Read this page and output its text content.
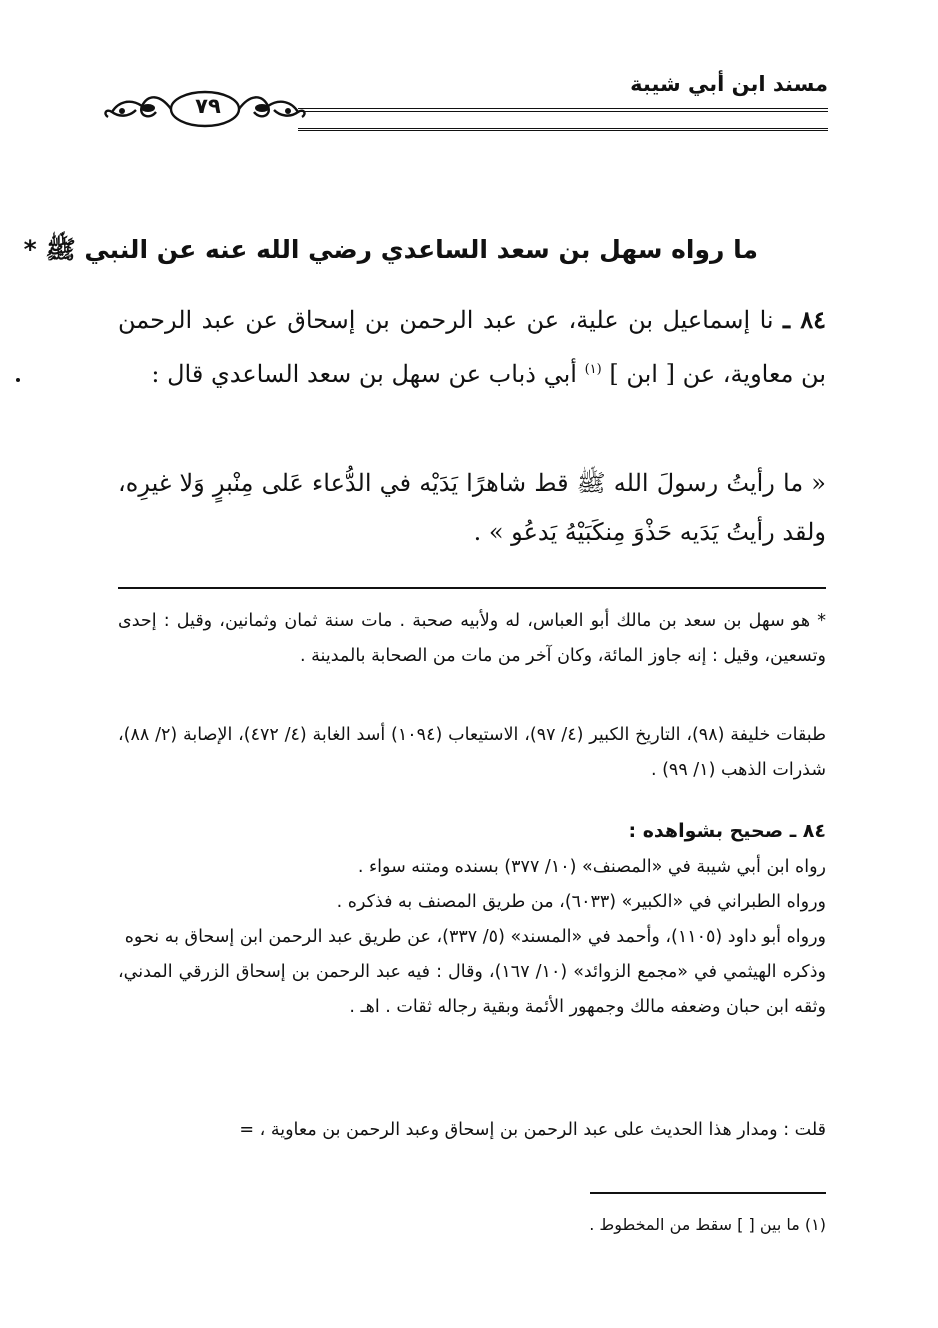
مسند ابن أبي شيبة
٧٩
ما رواه سهل بن سعد الساعدي رضي الله عنه عن النبي ﷺ *
٨٤ ـ نا إسماعيل بن علية، عن عبد الرحمن بن إسحاق عن عبد الرحمن بن معاوية، عن [ ابن ] $^{(١)}$ أبي ذباب عن سهل بن سعد الساعدي قال :
« ما رأيتُ رسولَ الله ﷺ قط شاهرًا يَدَيْه في الدُّعاء عَلى مِنْبرٍ وَلا غيرِه، ولقد رأيتُ يَدَيه حَذْوَ مِنكَبَيْهُ يَدعُو » .
* هو سهل بن سعد بن مالك أبو العباس، له ولأبيه صحبة . مات سنة ثمان وثمانين، وقيل : إحدى وتسعين، وقيل : إنه جاوز المائة، وكان آخر من مات من الصحابة بالمدينة .
طبقات خليفة (٩٨)، التاريخ الكبير (٤/ ٩٧)، الاستيعاب (١٠٩٤) أسد الغابة (٤/ ٤٧٢)، الإصابة (٢/ ٨٨)، شذرات الذهب (١/ ٩٩) .
٨٤ ـ صحيح بشواهده :
رواه ابن أبي شيبة في «المصنف» (١٠/ ٣٧٧) بسنده ومتنه سواء .
ورواه الطبراني في «الكبير» (٦٠٣٣)، من طريق المصنف به فذكره .
ورواه أبو داود (١١٠٥)، وأحمد في «المسند» (٥/ ٣٣٧)، عن طريق عبد الرحمن ابن إسحاق به نحوه
وذكره الهيثمي في «مجمع الزوائد» (١٠/ ١٦٧)، وقال : فيه عبد الرحمن بن إسحاق الزرقي المدني، وثقه ابن حبان وضعفه مالك وجمهور الأئمة وبقية رجاله ثقات . اهـ .
قلت : ومدار هذا الحديث على عبد الرحمن بن إسحاق وعبد الرحمن بن معاوية ، =
(١) ما بين [ ] سقط من المخطوط .
